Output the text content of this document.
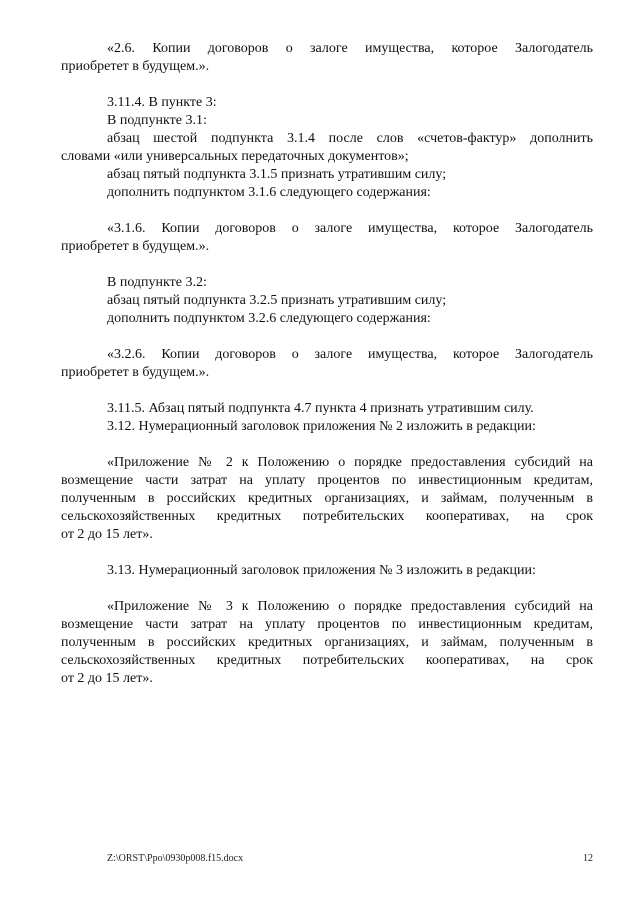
«2.6. Копии договоров о залоге имущества, которое Залогодатель
приобретет в будущем.».
3.11.4. В пункте 3:
В подпункте 3.1:
абзац шестой подпункта 3.1.4 после слов «счетов-фактур» дополнить
словами «или универсальных передаточных документов»;
абзац пятый подпункта 3.1.5 признать утратившим силу;
дополнить подпунктом 3.1.6 следующего содержания:
«3.1.6. Копии договоров о залоге имущества, которое Залогодатель
приобретет в будущем.».
В подпункте 3.2:
абзац пятый подпункта 3.2.5 признать утратившим силу;
дополнить подпунктом 3.2.6 следующего содержания:
«3.2.6. Копии договоров о залоге имущества, которое Залогодатель
приобретет в будущем.».
3.11.5. Абзац пятый подпункта 4.7 пункта 4 признать утратившим силу.
3.12. Нумерационный заголовок приложения № 2 изложить в редакции:
«Приложение № 2 к Положению о порядке предоставления субсидий на
возмещение части затрат на уплату процентов по инвестиционным кредитам,
полученным в российских кредитных организациях, и займам, полученным в
сельскохозяйственных кредитных потребительских кооперативах, на срок
от 2 до 15 лет».
3.13. Нумерационный заголовок приложения № 3 изложить в редакции:
«Приложение № 3 к Положению о порядке предоставления субсидий на
возмещение части затрат на уплату процентов по инвестиционным кредитам,
полученным в российских кредитных организациях, и займам, полученным в
сельскохозяйственных кредитных потребительских кооперативах, на срок
от 2 до 15 лет».
Z:\ORST\Ppo\0930p008.f15.docx	12
